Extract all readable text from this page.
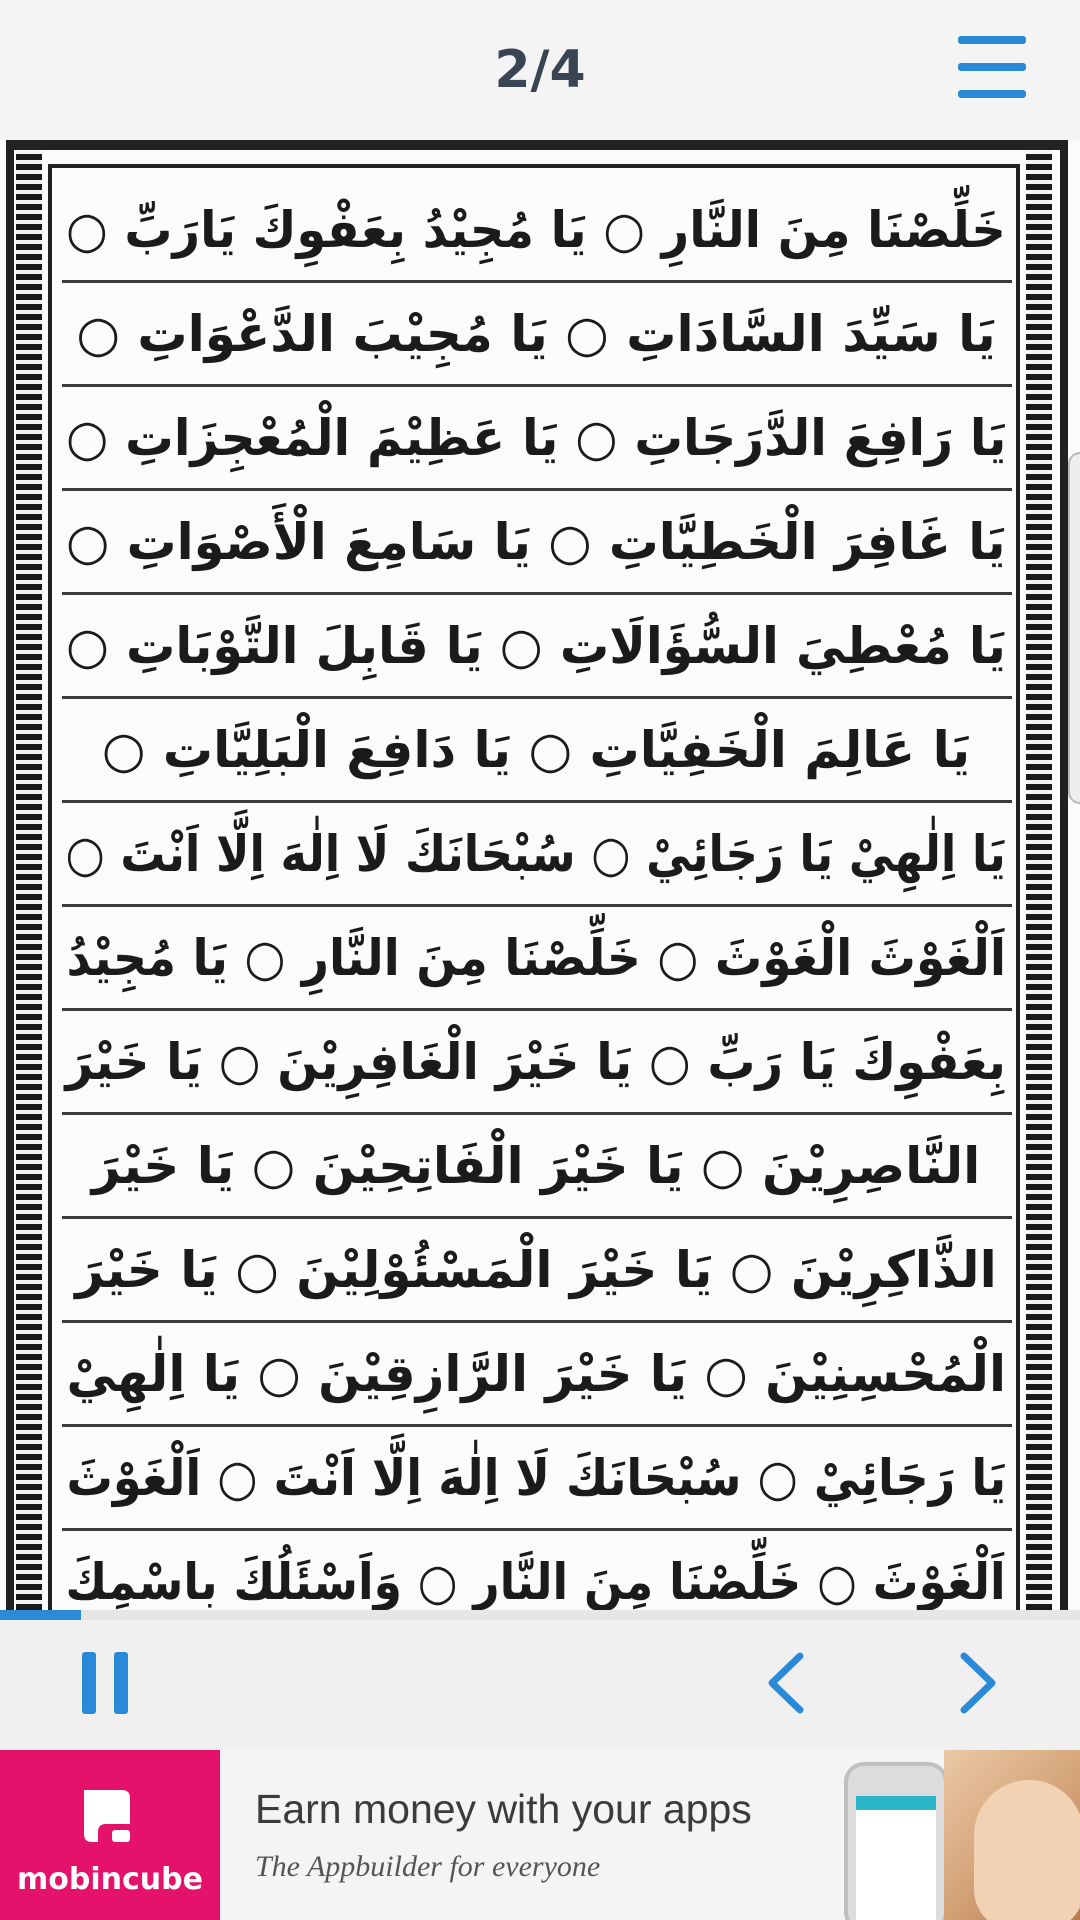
2/4
خَلِّصْنَا مِنَ النَّارِ ○ يَا مُجِيْدُ بِعَفْوِكَ يَارَبِّ ○
يَا سَيِّدَ السَّادَاتِ ○ يَا مُجِيْبَ الدَّعْوَاتِ ○
يَا رَافِعَ الدَّرَجَاتِ ○ يَا عَظِيْمَ الْمُعْجِزَاتِ ○
يَا غَافِرَ الْخَطِيَّاتِ ○ يَا سَامِعَ الْأَصْوَاتِ ○
يَا مُعْطِيَ السُّؤَالَاتِ ○ يَا قَابِلَ التَّوْبَاتِ ○
يَا عَالِمَ الْخَفِيَّاتِ ○ يَا دَافِعَ الْبَلِيَّاتِ ○
يَا اِلٰهِيْ يَا رَجَائِيْ ○ سُبْحَانَكَ لَا اِلٰهَ اِلَّا اَنْتَ ○
اَلْغَوْثَ الْغَوْثَ ○ خَلِّصْنَا مِنَ النَّارِ ○ يَا مُجِيْدُ
بِعَفْوِكَ يَا رَبِّ ○ يَا خَيْرَ الْغَافِرِيْنَ ○ يَا خَيْرَ
النَّاصِرِيْنَ ○ يَا خَيْرَ الْفَاتِحِيْنَ ○ يَا خَيْرَ
الذَّاكِرِيْنَ ○ يَا خَيْرَ الْمَسْئُوْلِيْنَ ○ يَا خَيْرَ
الْمُحْسِنِيْنَ ○ يَا خَيْرَ الرَّازِقِيْنَ ○ يَا اِلٰهِيْ
يَا رَجَائِيْ ○ سُبْحَانَكَ لَا اِلٰهَ اِلَّا اَنْتَ ○ اَلْغَوْثَ
اَلْغَوْثَ ○ خَلِّصْنَا مِنَ النَّارِ ○ وَاَسْئَلُكَ بِاسْمِكَ
mobincube
Earn money with your apps
The Appbuilder for everyone
